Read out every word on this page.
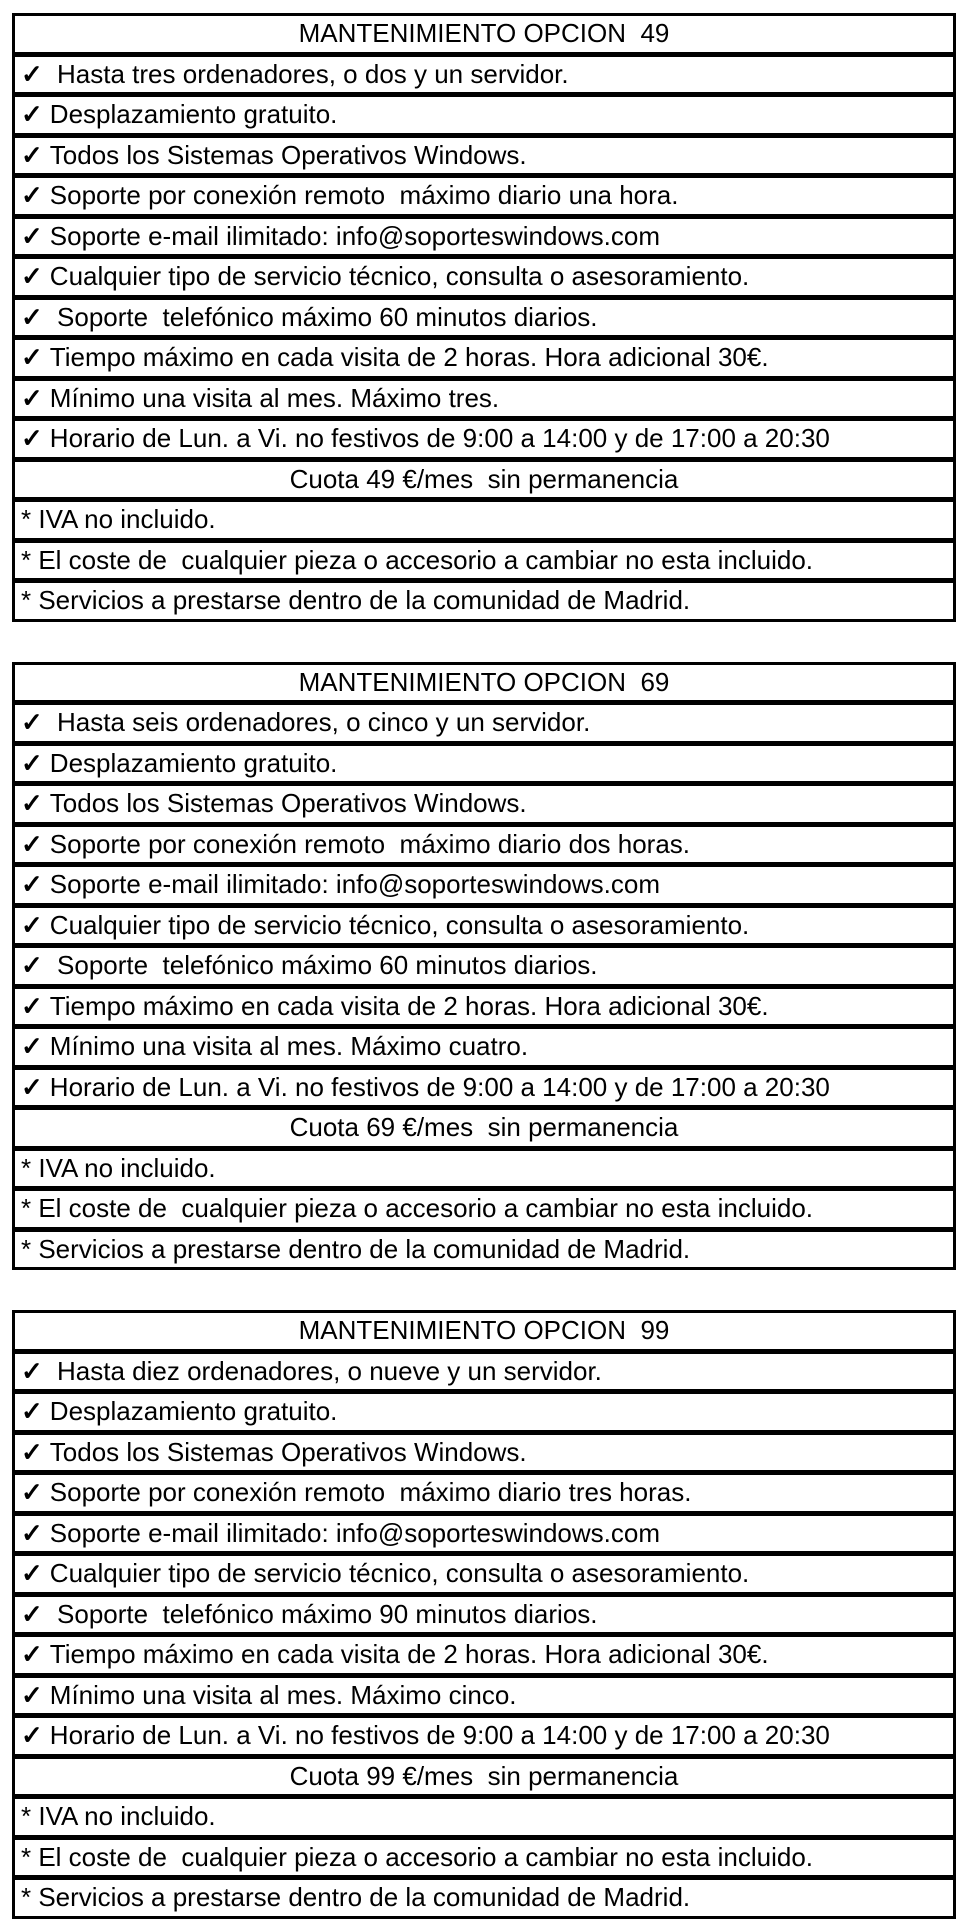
MANTENIMIENTO OPCION  49
✓ Hasta tres ordenadores, o dos y un servidor.
✓ Desplazamiento gratuito.
✓ Todos los Sistemas Operativos Windows.
✓ Soporte por conexión remoto  máximo diario una hora.
✓ Soporte e-mail ilimitado: info@soporteswindows.com
✓ Cualquier tipo de servicio técnico, consulta o asesoramiento.
✓ Soporte  telefónico máximo 60 minutos diarios.
✓ Tiempo máximo en cada visita de 2 horas. Hora adicional 30€.
✓ Mínimo una visita al mes. Máximo tres.
✓ Horario de Lun. a Vi. no festivos de 9:00 a 14:00 y de 17:00 a 20:30
Cuota 49 €/mes  sin permanencia
* IVA no incluido.
* El coste de  cualquier pieza o accesorio a cambiar no esta incluido.
* Servicios a prestarse dentro de la comunidad de Madrid.
MANTENIMIENTO OPCION  69
✓ Hasta seis ordenadores, o cinco y un servidor.
✓ Desplazamiento gratuito.
✓ Todos los Sistemas Operativos Windows.
✓ Soporte por conexión remoto  máximo diario dos horas.
✓ Soporte e-mail ilimitado: info@soporteswindows.com
✓ Cualquier tipo de servicio técnico, consulta o asesoramiento.
✓ Soporte  telefónico máximo 60 minutos diarios.
✓ Tiempo máximo en cada visita de 2 horas. Hora adicional 30€.
✓ Mínimo una visita al mes. Máximo cuatro.
✓ Horario de Lun. a Vi. no festivos de 9:00 a 14:00 y de 17:00 a 20:30
Cuota 69 €/mes  sin permanencia
* IVA no incluido.
* El coste de  cualquier pieza o accesorio a cambiar no esta incluido.
* Servicios a prestarse dentro de la comunidad de Madrid.
MANTENIMIENTO OPCION  99
✓ Hasta diez ordenadores, o nueve y un servidor.
✓ Desplazamiento gratuito.
✓ Todos los Sistemas Operativos Windows.
✓ Soporte por conexión remoto  máximo diario tres horas.
✓ Soporte e-mail ilimitado: info@soporteswindows.com
✓ Cualquier tipo de servicio técnico, consulta o asesoramiento.
✓ Soporte  telefónico máximo 90 minutos diarios.
✓ Tiempo máximo en cada visita de 2 horas. Hora adicional 30€.
✓ Mínimo una visita al mes. Máximo cinco.
✓ Horario de Lun. a Vi. no festivos de 9:00 a 14:00 y de 17:00 a 20:30
Cuota 99 €/mes  sin permanencia
* IVA no incluido.
* El coste de  cualquier pieza o accesorio a cambiar no esta incluido.
* Servicios a prestarse dentro de la comunidad de Madrid.
